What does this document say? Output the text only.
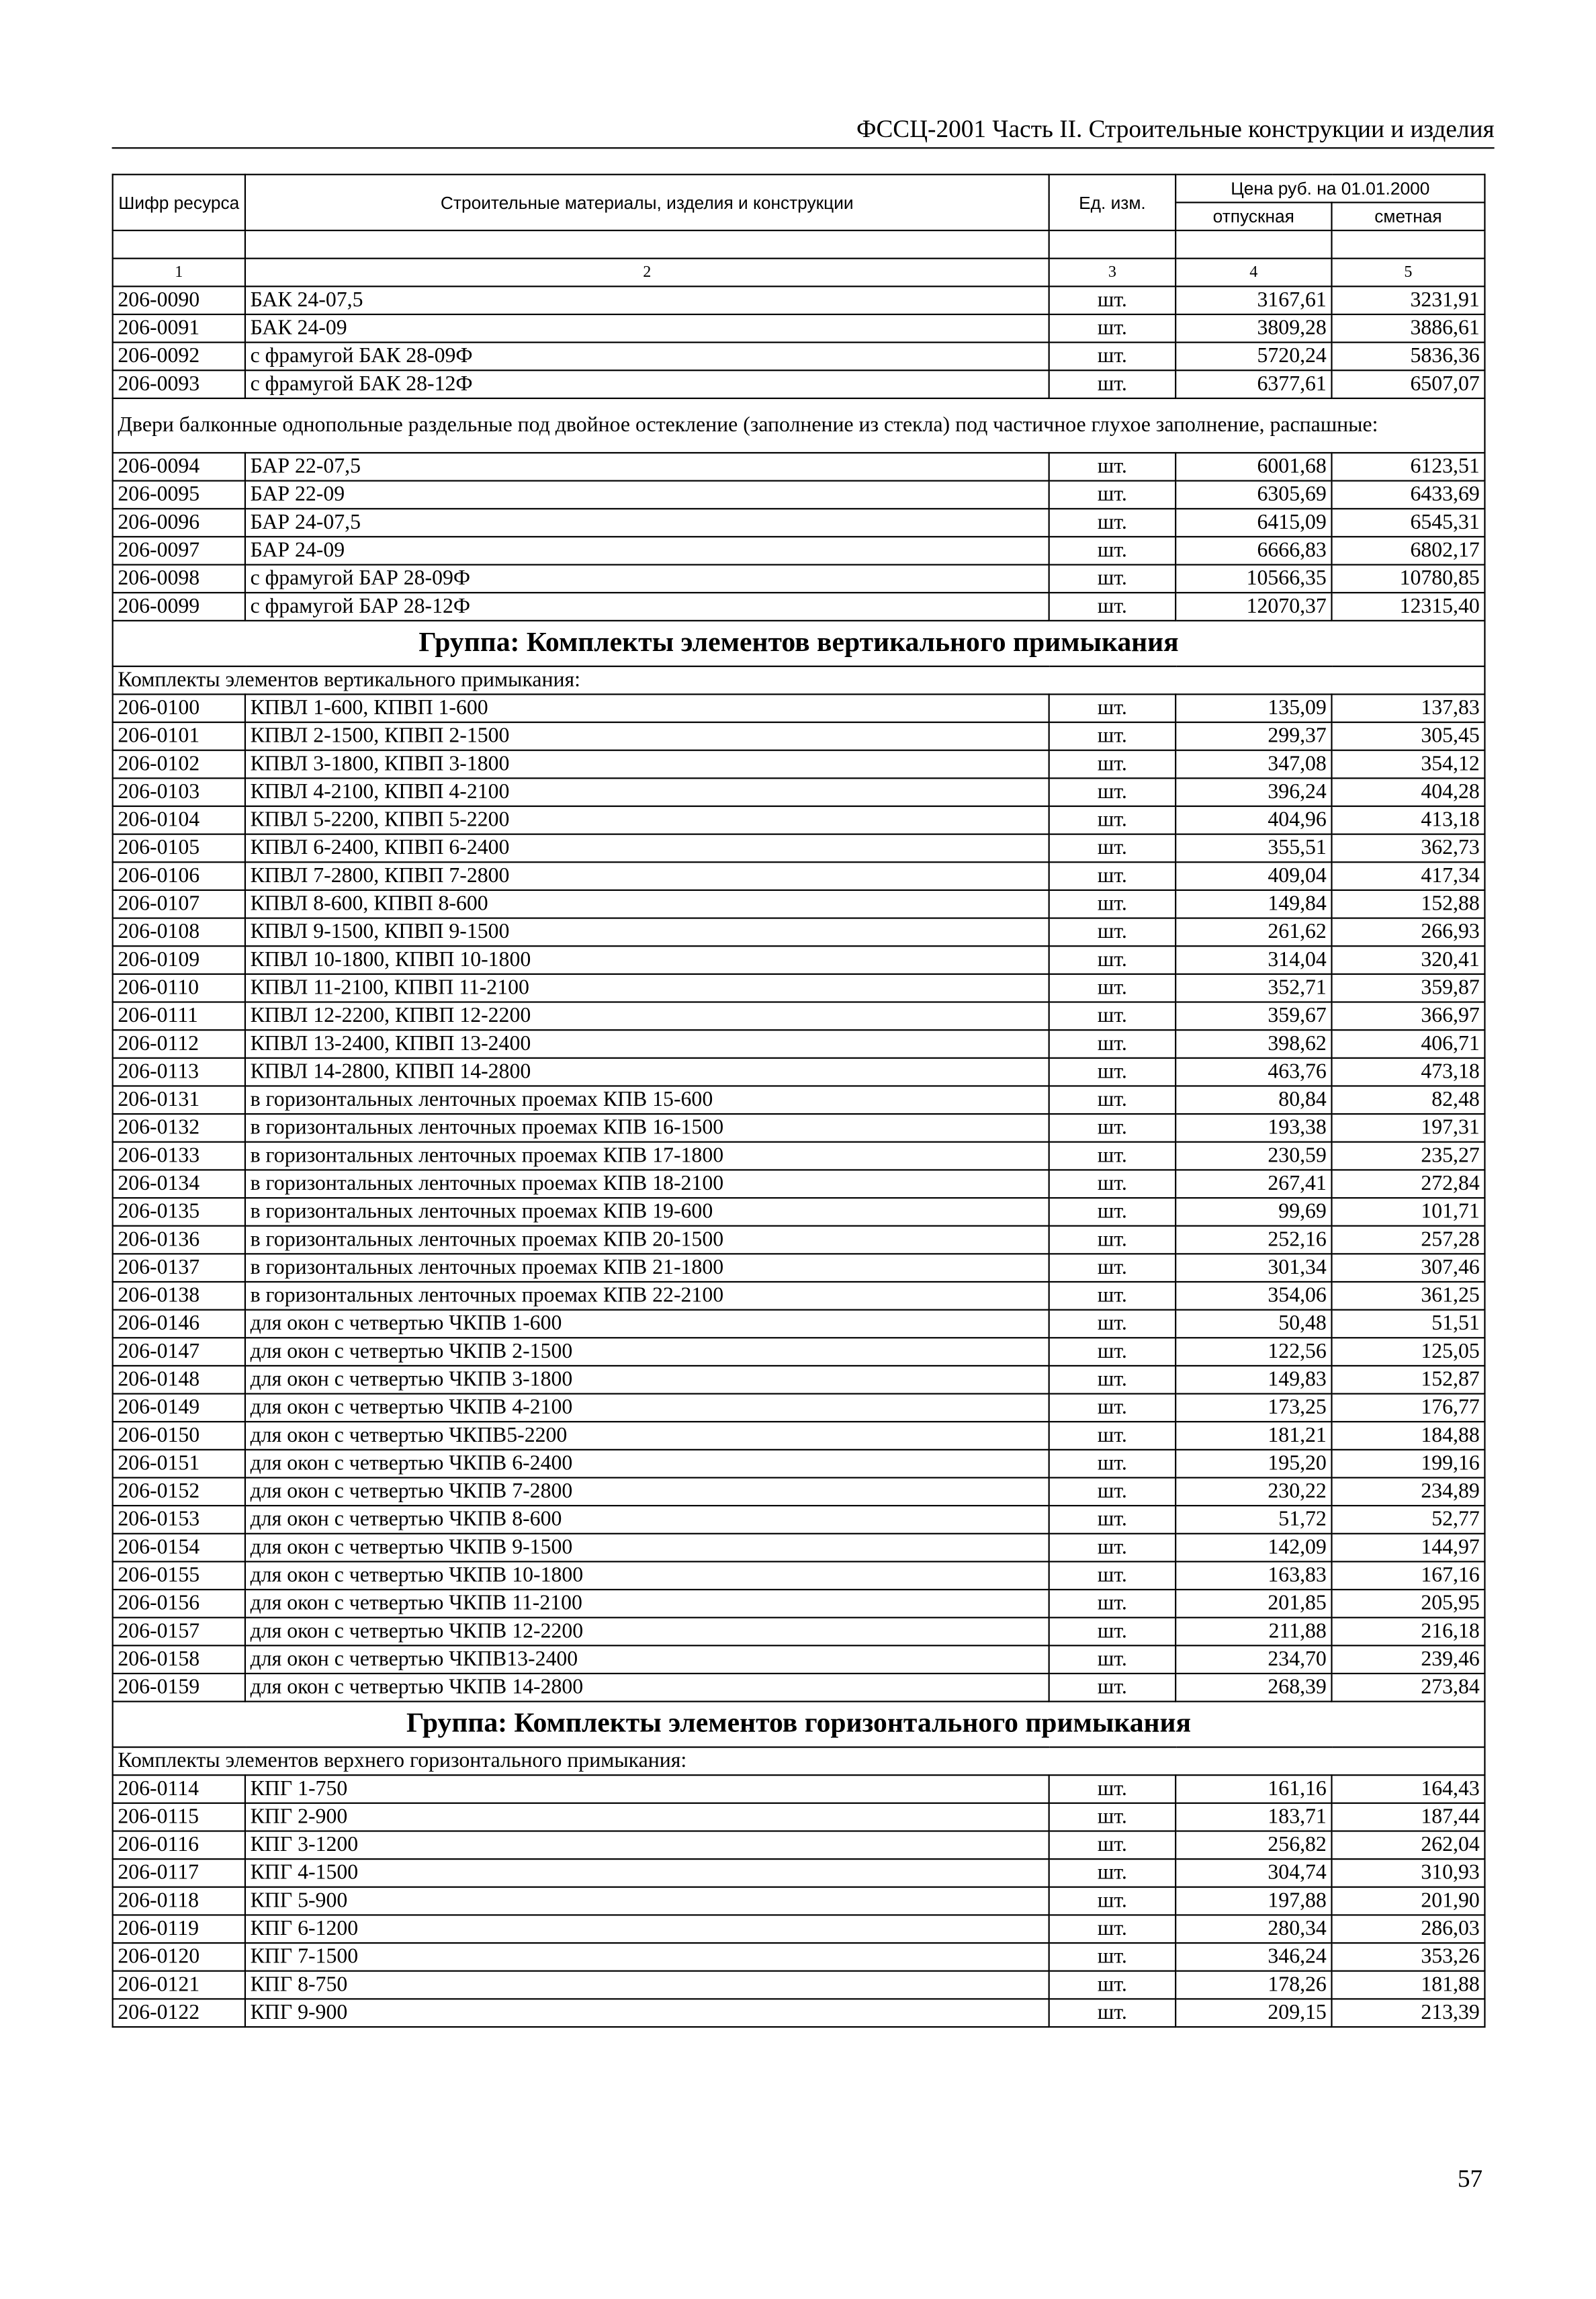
ФССЦ-2001 Часть II. Строительные конструкции и изделия
Шифр ресурса	Строительные материалы, изделия и конструкции	Ед. изм.	Цена руб. на 01.01.2000	
			отпускная	сметная

1	2	3	4	5
206-0090	БАК 24-07,5	шт.	3167,61	3231,91
206-0091	БАК 24-09	шт.	3809,28	3886,61
206-0092	с фрамугой БАК 28-09Ф	шт.	5720,24	5836,36
206-0093	с фрамугой БАК 28-12Ф	шт.	6377,61	6507,07
Двери балконные однопольные раздельные под двойное остекление (заполнение из стекла) под частичное глухое заполнение, распашные:				
206-0094	БАР 22-07,5	шт.	6001,68	6123,51
206-0095	БАР 22-09	шт.	6305,69	6433,69
206-0096	БАР 24-07,5	шт.	6415,09	6545,31
206-0097	БАР 24-09	шт.	6666,83	6802,17
206-0098	с фрамугой БАР 28-09Ф	шт.	10566,35	10780,85
206-0099	с фрамугой БАР 28-12Ф	шт.	12070,37	12315,40
Группа: Комплекты элементов вертикального примыкания				
Комплекты элементов вертикального примыкания:				
206-0100	КПВЛ 1-600, КПВП 1-600	шт.	135,09	137,83
206-0101	КПВЛ 2-1500, КПВП 2-1500	шт.	299,37	305,45
206-0102	КПВЛ 3-1800, КПВП 3-1800	шт.	347,08	354,12
206-0103	КПВЛ 4-2100, КПВП 4-2100	шт.	396,24	404,28
206-0104	КПВЛ 5-2200, КПВП 5-2200	шт.	404,96	413,18
206-0105	КПВЛ 6-2400, КПВП 6-2400	шт.	355,51	362,73
206-0106	КПВЛ 7-2800, КПВП 7-2800	шт.	409,04	417,34
206-0107	КПВЛ 8-600, КПВП 8-600	шт.	149,84	152,88
206-0108	КПВЛ 9-1500, КПВП 9-1500	шт.	261,62	266,93
206-0109	КПВЛ 10-1800, КПВП 10-1800	шт.	314,04	320,41
206-0110	КПВЛ 11-2100, КПВП 11-2100	шт.	352,71	359,87
206-0111	КПВЛ 12-2200, КПВП 12-2200	шт.	359,67	366,97
206-0112	КПВЛ 13-2400, КПВП 13-2400	шт.	398,62	406,71
206-0113	КПВЛ 14-2800, КПВП 14-2800	шт.	463,76	473,18
206-0131	в горизонтальных ленточных проемах КПВ 15-600	шт.	80,84	82,48
206-0132	в горизонтальных ленточных проемах КПВ 16-1500	шт.	193,38	197,31
206-0133	в горизонтальных ленточных проемах КПВ 17-1800	шт.	230,59	235,27
206-0134	в горизонтальных ленточных проемах КПВ 18-2100	шт.	267,41	272,84
206-0135	в горизонтальных ленточных проемах КПВ 19-600	шт.	99,69	101,71
206-0136	в горизонтальных ленточных проемах КПВ 20-1500	шт.	252,16	257,28
206-0137	в горизонтальных ленточных проемах КПВ 21-1800	шт.	301,34	307,46
206-0138	в горизонтальных ленточных проемах КПВ 22-2100	шт.	354,06	361,25
206-0146	для окон с четвертью ЧКПВ 1-600	шт.	50,48	51,51
206-0147	для окон с четвертью ЧКПВ 2-1500	шт.	122,56	125,05
206-0148	для окон с четвертью ЧКПВ 3-1800	шт.	149,83	152,87
206-0149	для окон с четвертью ЧКПВ 4-2100	шт.	173,25	176,77
206-0150	для окон с четвертью ЧКПВ5-2200	шт.	181,21	184,88
206-0151	для окон с четвертью ЧКПВ 6-2400	шт.	195,20	199,16
206-0152	для окон с четвертью ЧКПВ 7-2800	шт.	230,22	234,89
206-0153	для окон с четвертью ЧКПВ 8-600	шт.	51,72	52,77
206-0154	для окон с четвертью ЧКПВ 9-1500	шт.	142,09	144,97
206-0155	для окон с четвертью ЧКПВ 10-1800	шт.	163,83	167,16
206-0156	для окон с четвертью ЧКПВ 11-2100	шт.	201,85	205,95
206-0157	для окон с четвертью ЧКПВ 12-2200	шт.	211,88	216,18
206-0158	для окон с четвертью ЧКПВ13-2400	шт.	234,70	239,46
206-0159	для окон с четвертью ЧКПВ 14-2800	шт.	268,39	273,84
Группа: Комплекты элементов горизонтального примыкания				
Комплекты элементов верхнего горизонтального примыкания:				
206-0114	КПГ 1-750	шт.	161,16	164,43
206-0115	КПГ 2-900	шт.	183,71	187,44
206-0116	КПГ 3-1200	шт.	256,82	262,04
206-0117	КПГ 4-1500	шт.	304,74	310,93
206-0118	КПГ 5-900	шт.	197,88	201,90
206-0119	КПГ 6-1200	шт.	280,34	286,03
206-0120	КПГ 7-1500	шт.	346,24	353,26
206-0121	КПГ 8-750	шт.	178,26	181,88
206-0122	КПГ 9-900	шт.	209,15	213,39
57
